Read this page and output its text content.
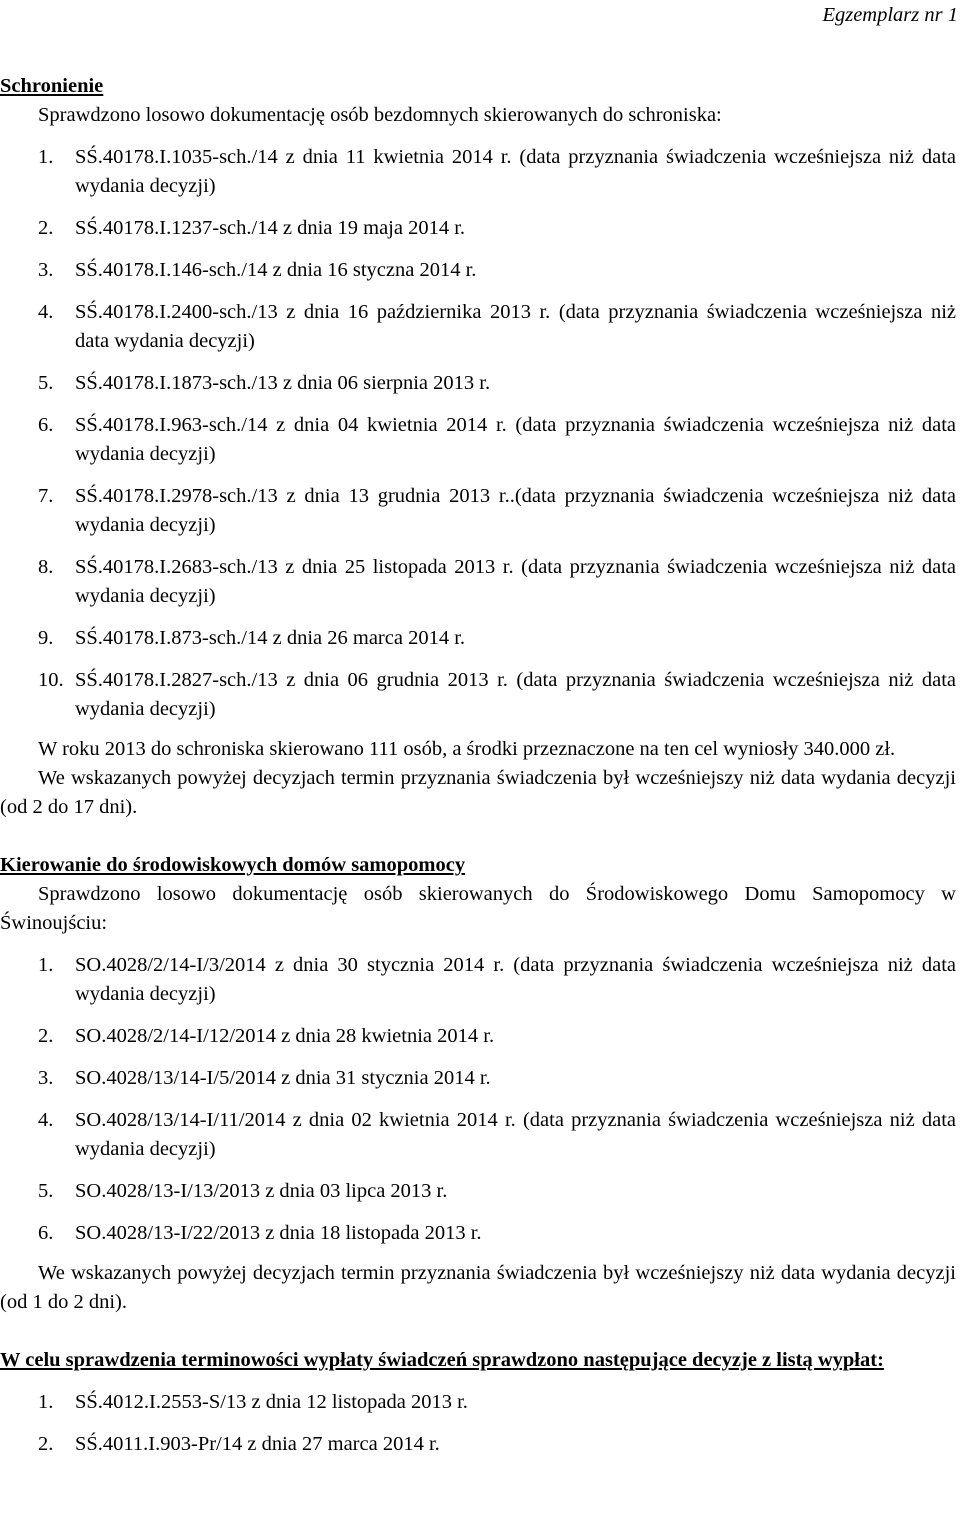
Egzemplarz nr 1
Schronienie
Sprawdzono losowo dokumentację osób bezdomnych skierowanych do schroniska:
1. SŚ.40178.I.1035-sch./14 z dnia 11 kwietnia 2014 r. (data przyznania świadczenia wcześniejsza niż data wydania decyzji)
2. SŚ.40178.I.1237-sch./14 z dnia 19 maja 2014 r.
3. SŚ.40178.I.146-sch./14 z dnia 16 styczna 2014 r.
4. SŚ.40178.I.2400-sch./13 z dnia 16 października 2013 r. (data przyznania świadczenia wcześniejsza niż data wydania decyzji)
5. SŚ.40178.I.1873-sch./13 z dnia 06 sierpnia 2013 r.
6. SŚ.40178.I.963-sch./14 z dnia 04 kwietnia 2014 r. (data przyznania świadczenia wcześniejsza niż data wydania decyzji)
7. SŚ.40178.I.2978-sch./13 z dnia 13 grudnia 2013 r..(data przyznania świadczenia wcześniejsza niż data wydania decyzji)
8. SŚ.40178.I.2683-sch./13 z dnia 25 listopada 2013 r. (data przyznania świadczenia wcześniejsza niż data wydania decyzji)
9. SŚ.40178.I.873-sch./14 z dnia 26 marca 2014 r.
10. SŚ.40178.I.2827-sch./13 z dnia 06 grudnia 2013 r. (data przyznania świadczenia wcześniejsza niż data wydania decyzji)
W roku 2013 do schroniska skierowano 111 osób, a środki przeznaczone na ten cel wyniosły 340.000 zł.
We wskazanych powyżej decyzjach termin przyznania świadczenia był wcześniejszy niż data wydania decyzji (od 2 do 17 dni).
Kierowanie do środowiskowych domów samopomocy
Sprawdzono losowo dokumentację osób skierowanych do Środowiskowego Domu Samopomocy w Świnoujściu:
1. SO.4028/2/14-I/3/2014 z dnia 30 stycznia 2014 r. (data przyznania świadczenia wcześniejsza niż data wydania decyzji)
2. SO.4028/2/14-I/12/2014 z dnia 28 kwietnia 2014 r.
3. SO.4028/13/14-I/5/2014 z dnia 31 stycznia 2014 r.
4. SO.4028/13/14-I/11/2014 z dnia 02 kwietnia 2014 r. (data przyznania świadczenia wcześniejsza niż data wydania decyzji)
5. SO.4028/13-I/13/2013 z dnia 03 lipca 2013 r.
6. SO.4028/13-I/22/2013 z dnia 18 listopada 2013 r.
We wskazanych powyżej decyzjach termin przyznania świadczenia był wcześniejszy niż data wydania decyzji (od 1 do 2 dni).
W celu sprawdzenia terminowości wypłaty świadczeń sprawdzono następujące decyzje z listą wypłat:
1. SŚ.4012.I.2553-S/13 z dnia 12 listopada 2013 r.
2. SŚ.4011.I.903-Pr/14 z dnia 27 marca 2014 r.
